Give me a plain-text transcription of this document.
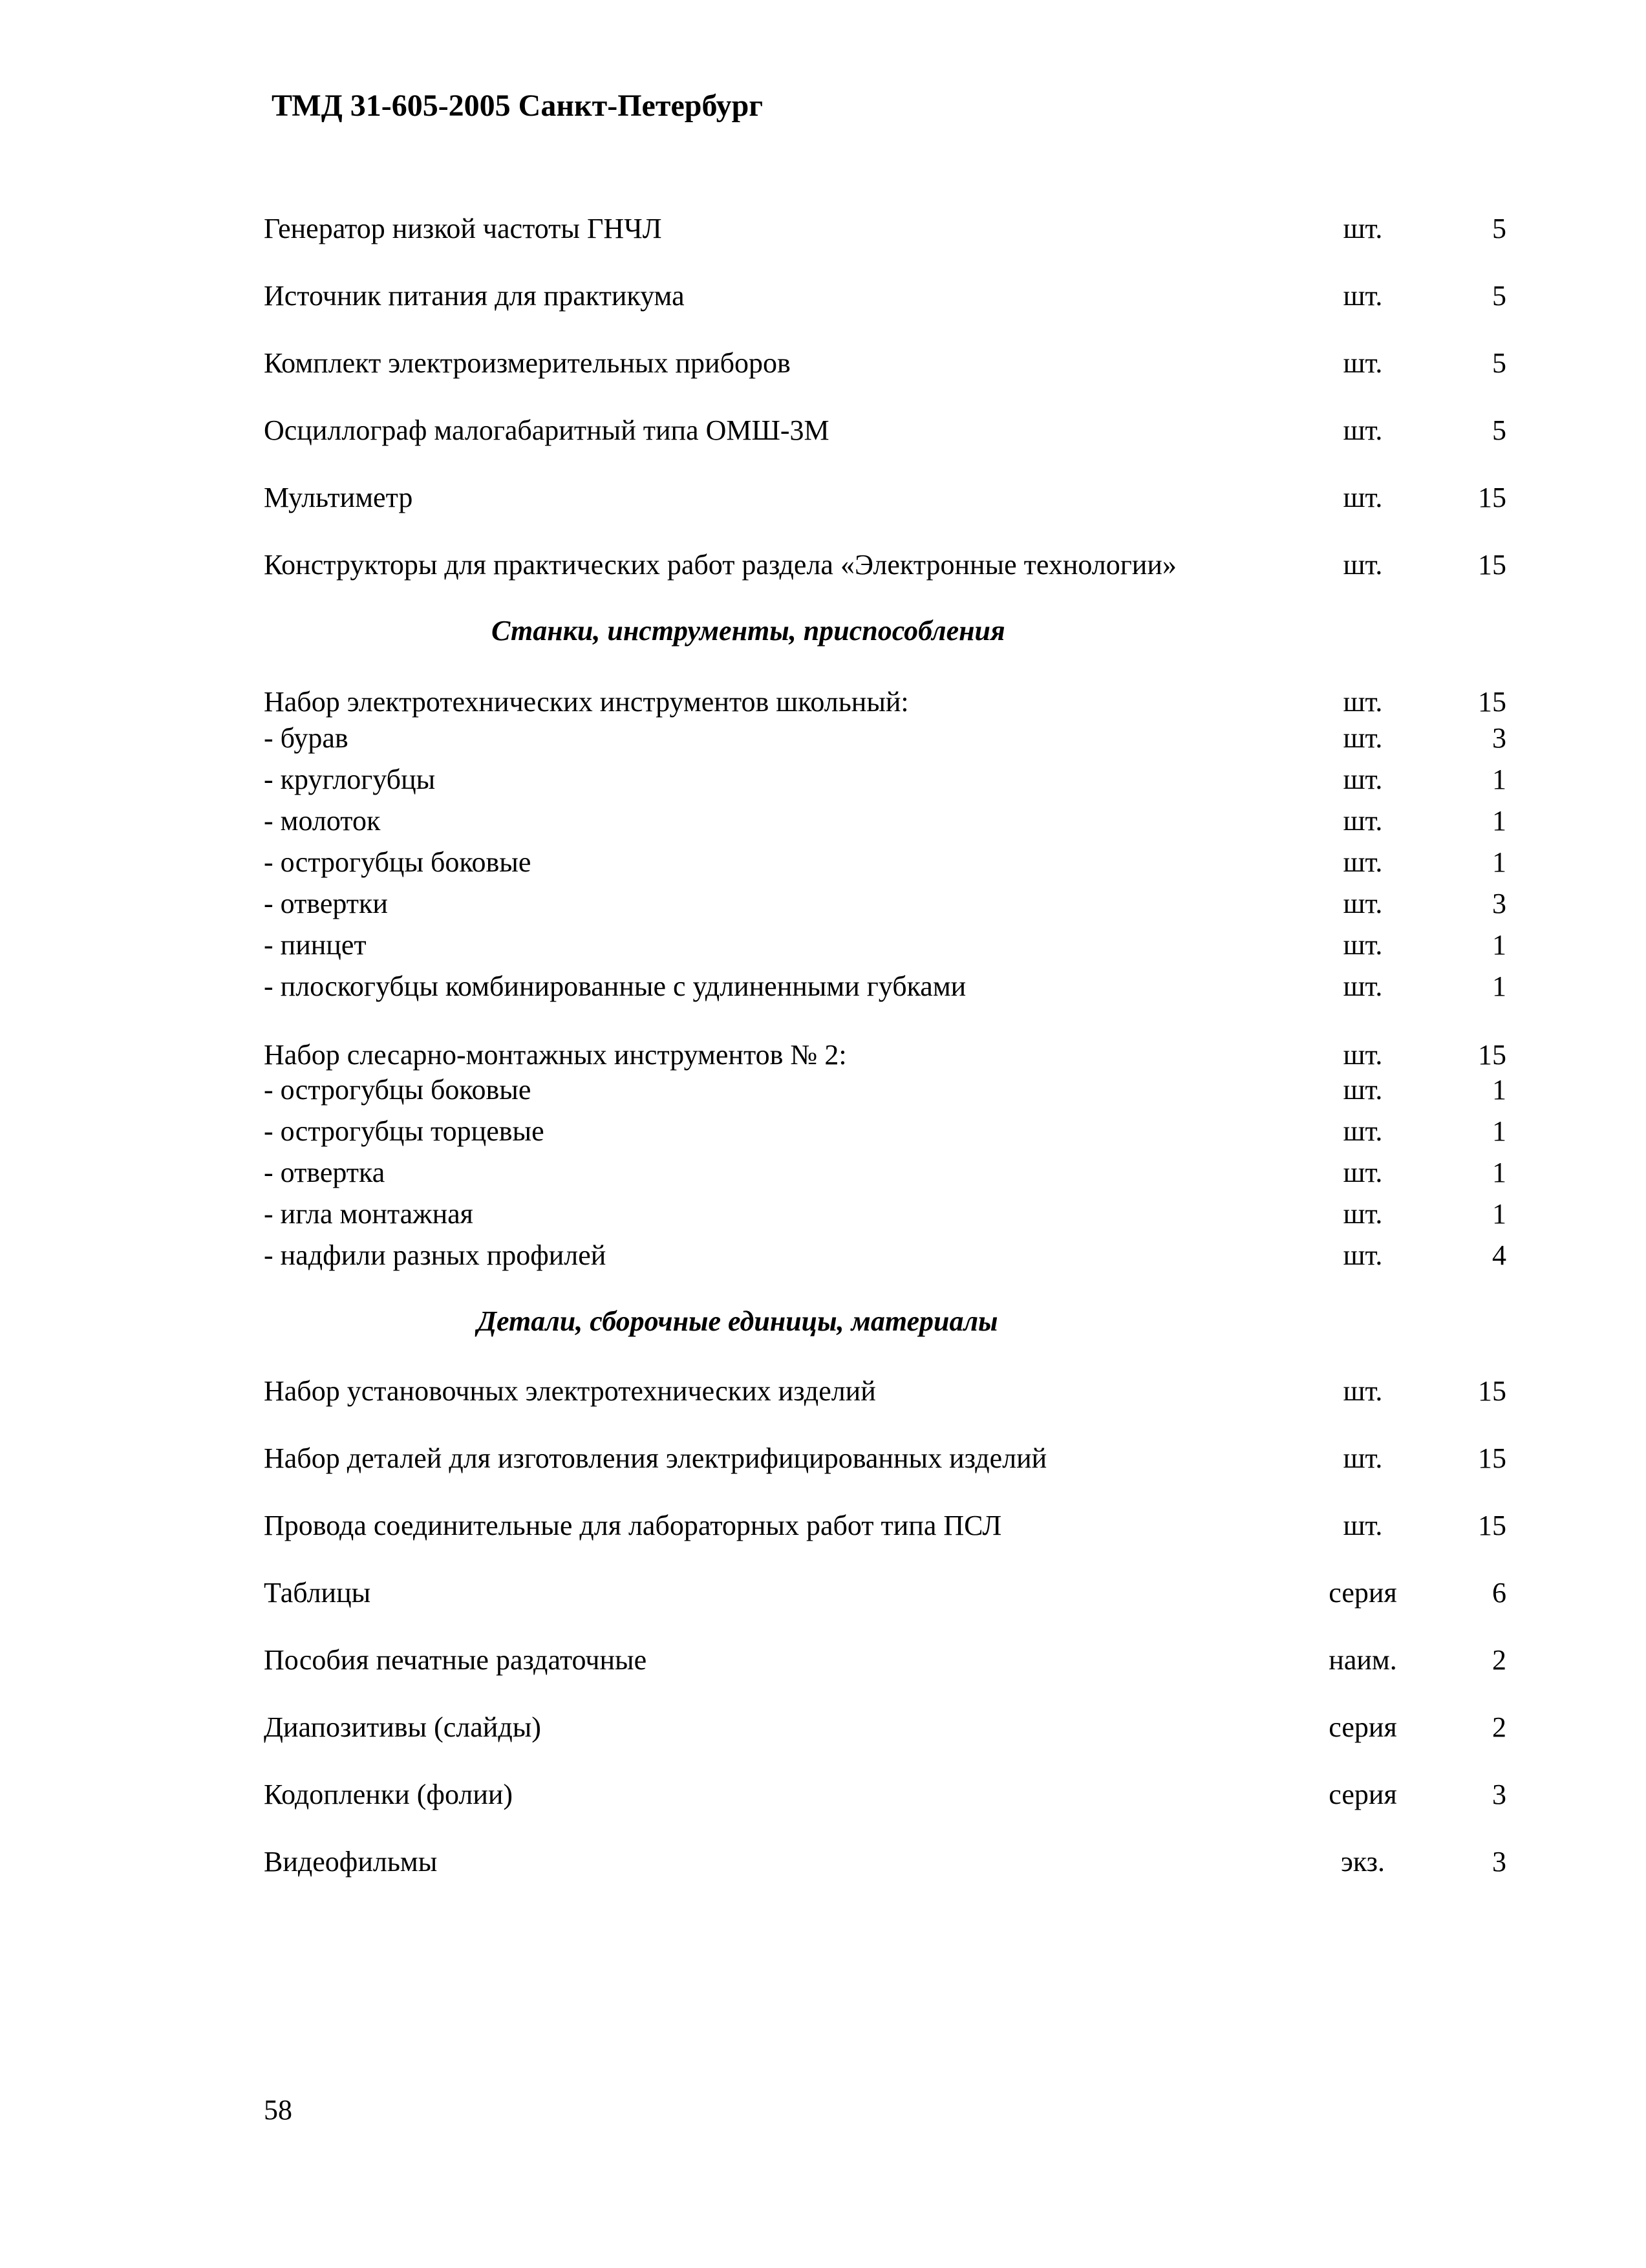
ТМД 31-605-2005 Санкт-Петербург
Генератор низкой частоты ГНЧЛ	шт.	5
Источник питания для практикума	шт.	5
Комплект электроизмерительных приборов	шт.	5
Осциллограф малогабаритный типа ОМШ-3М	шт.	5
Мультиметр	шт.	15
Конструкторы для практических работ раздела «Электронные технологии»	шт.	15
Станки, инструменты, приспособления
Набор электротехнических инструментов школьный:	шт.	15
- бурав	шт.	3
- круглогубцы	шт.	1
- молоток	шт.	1
- острогубцы боковые	шт.	1
- отвертки	шт.	3
- пинцет	шт.	1
- плоскогубцы комбинированные с удлиненными губками	шт.	1
Набор слесарно-монтажных инструментов № 2:	шт.	15
- острогубцы боковые	шт.	1
- острогубцы торцевые	шт.	1
- отвертка	шт.	1
- игла монтажная	шт.	1
- надфили разных профилей	шт.	4
Детали, сборочные единицы, материалы
Набор установочных электротехнических изделий	шт.	15
Набор деталей для изготовления электрифицированных изделий	шт.	15
Провода соединительные для лабораторных работ типа ПСЛ	шт.	15
Таблицы	серия	6
Пособия печатные раздаточные	наим.	2
Диапозитивы (слайды)	серия	2
Кодопленки (фолии)	серия	3
Видеофильмы	экз.	3
58
